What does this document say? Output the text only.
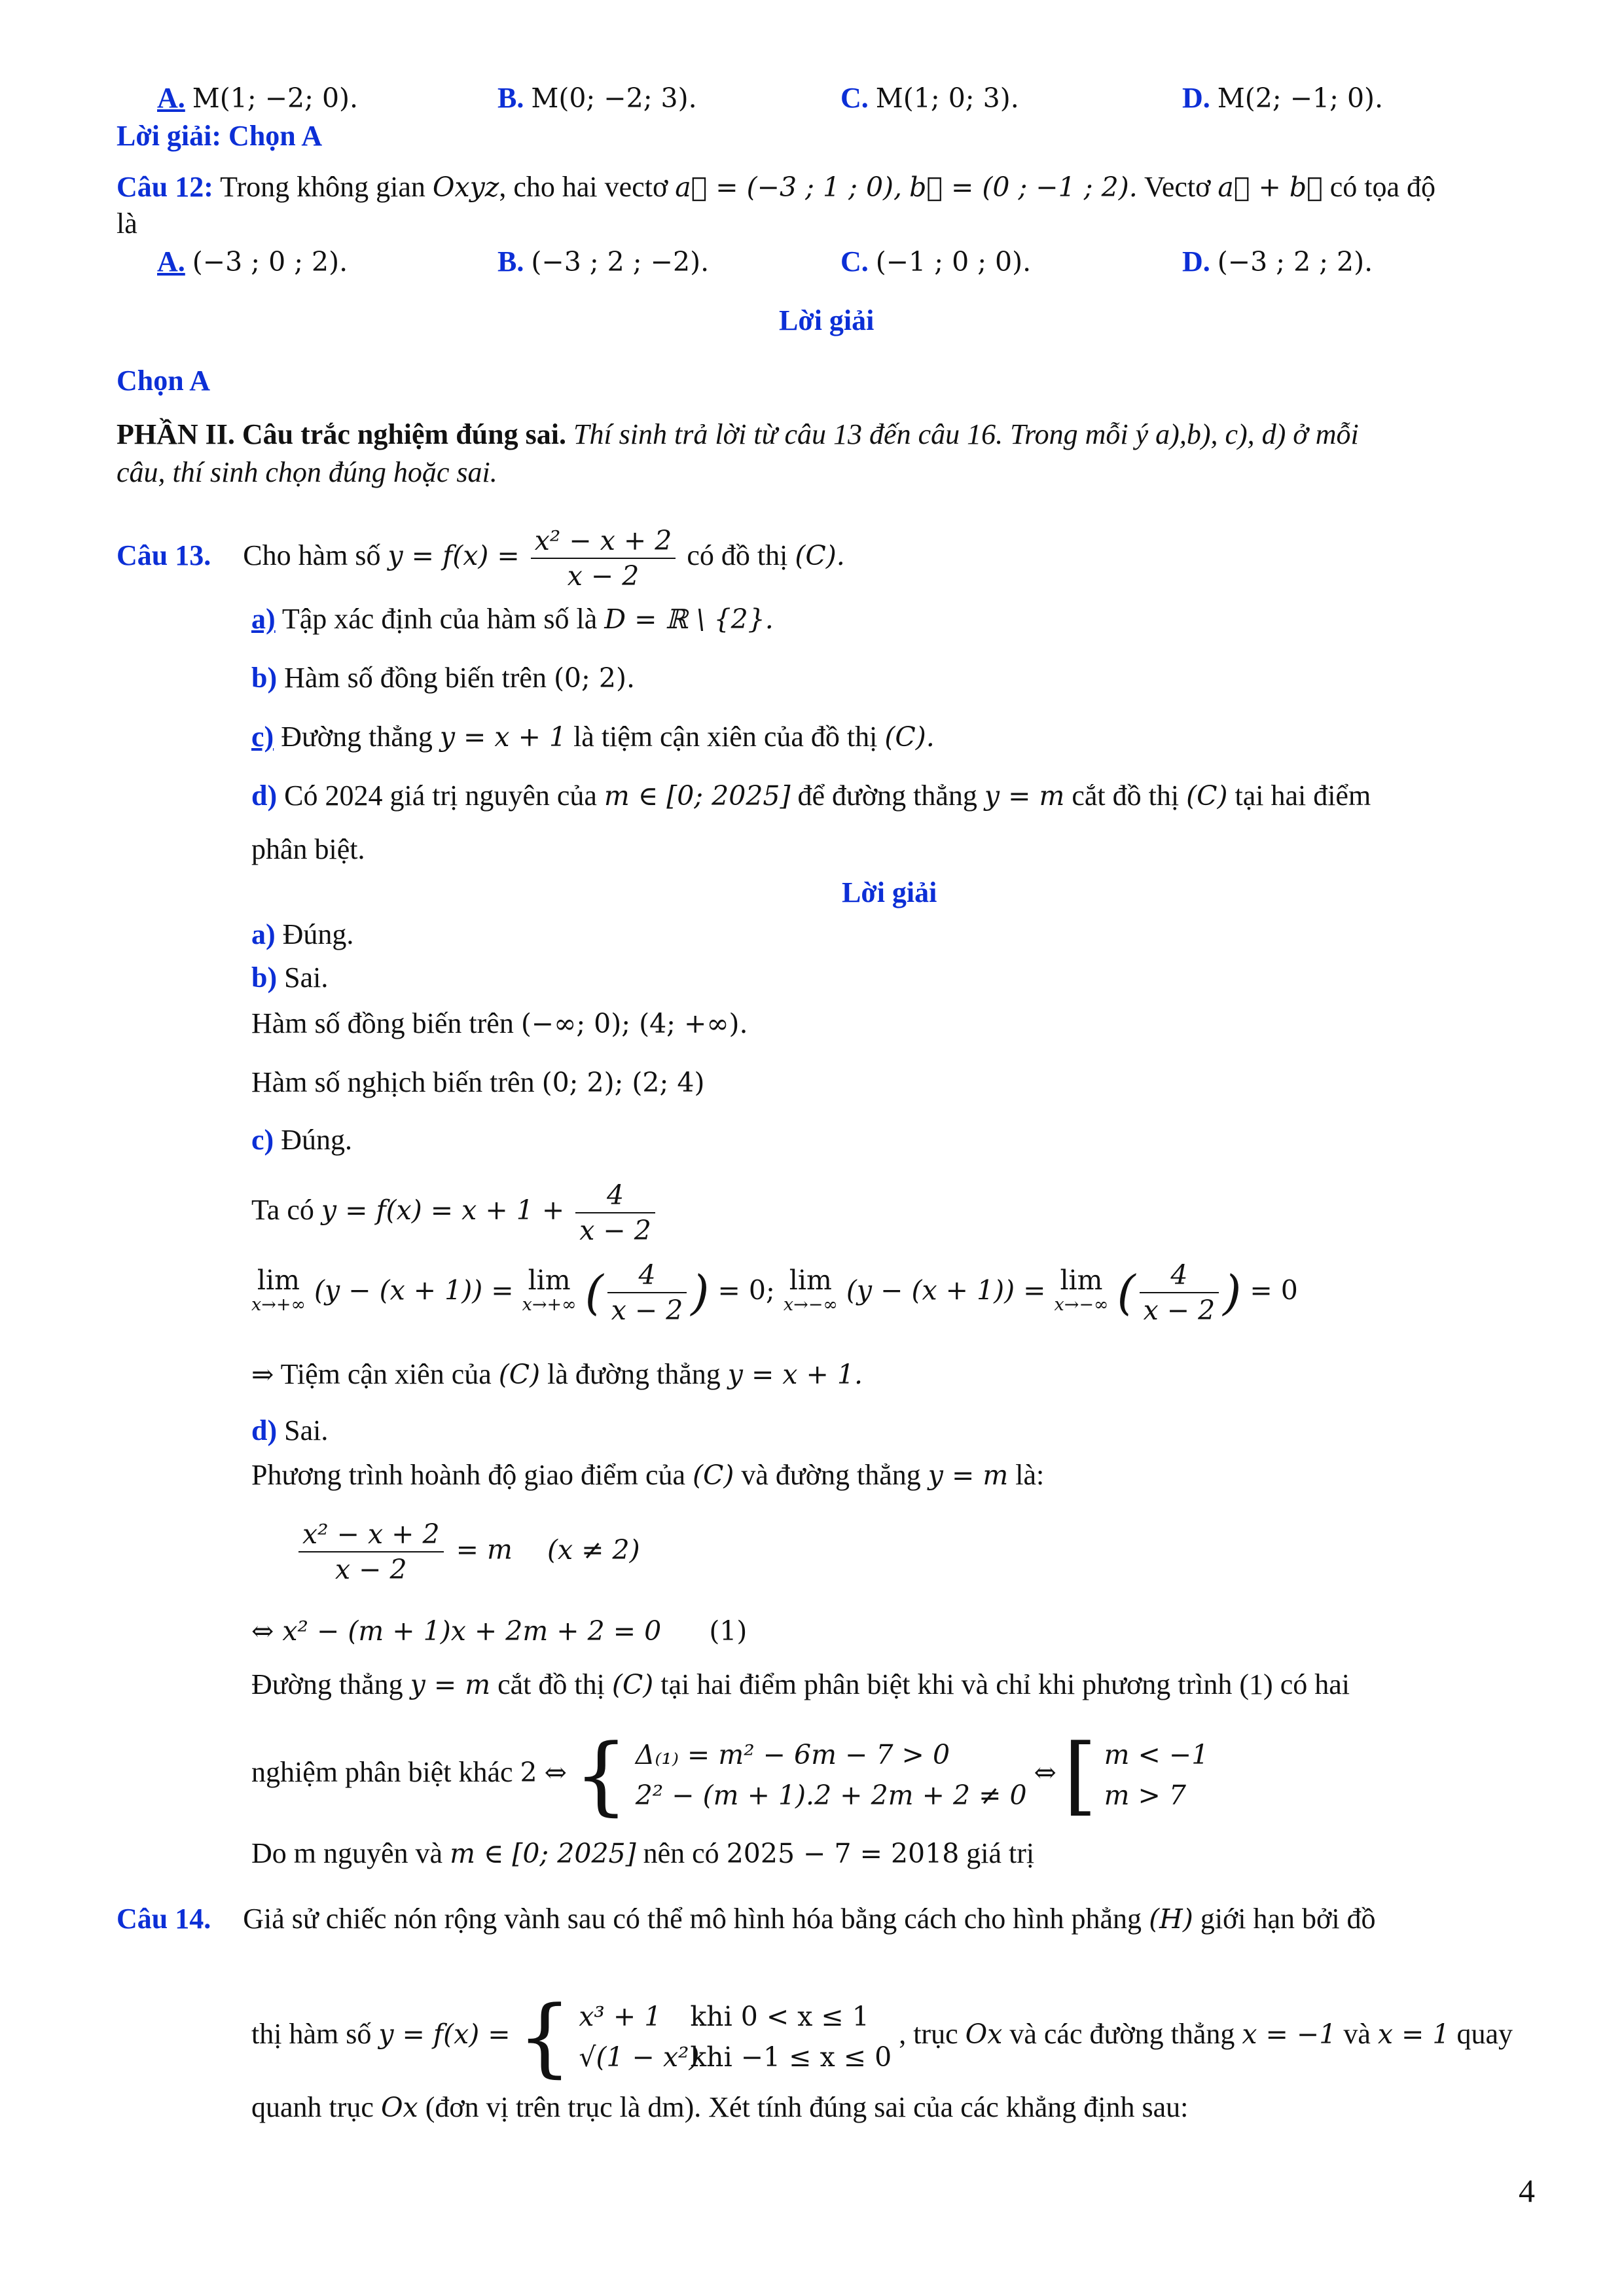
A. M(1; −2; 0).	B. M(0; −2; 3).	C. M(1; 0; 3).	D. M(2; −1; 0).
Lời giải: Chọn A
Câu 12: Trong không gian Oxyz, cho hai vectơ a⃗ = (−3 ; 1 ; 0), b⃗ = (0 ; −1 ; 2). Vectơ a⃗ + b⃗ có tọa độ
là
A. (−3 ; 0 ; 2).	B. (−3 ; 2 ; −2).	C. (−1 ; 0 ; 0).	D. (−3 ; 2 ; 2).
Lời giải
Chọn A
PHẦN II. Câu trắc nghiệm đúng sai. Thí sinh trả lời từ câu 13 đến câu 16. Trong mỗi ý a),b), c), d) ở mỗi
câu, thí sinh chọn đúng hoặc sai.
Câu 13. Cho hàm số $y = f(x) = \frac{\text{x² − x + 2}}{x - 2}$ có đồ thị (C).
a) Tập xác định của hàm số là D = ℝ \ {2}.
b) Hàm số đồng biến trên (0; 2).
c) Đường thẳng y = x + 1 là tiệm cận xiên của đồ thị (C).
d) Có 2024 giá trị nguyên của m ∈ [0; 2025] để đường thẳng y = m cắt đồ thị (C) tại hai điểm
phân biệt.
Lời giải
a) Đúng.
b) Sai.
Hàm số đồng biến trên (−∞; 0); (4; +∞).
Hàm số nghịch biến trên (0; 2); (2; 4)
c) Đúng.
Ta có $y = f(x) = x + 1 + \frac{4}{x - 2}$
lim
x→+∞ (y − (x + 1)) = lim
x→+∞ ( $\frac{4}{x - 2}$ ) = 0; lim
x→−∞ (y − (x + 1)) = lim
x→−∞ ( $\frac{4}{x - 2}$ ) = 0
⇒ Tiệm cận xiên của (C) là đường thẳng y = x + 1.
d) Sai.
Phương trình hoành độ giao điểm của (C) và đường thẳng y = m là:
$\frac{\text{x² − x + 2}}{x - 2} = m$ (x ≠ 2)
⇔ x² − (m + 1)x + 2m + 2 = 0 (1)
Đường thẳng y = m cắt đồ thị (C) tại hai điểm phân biệt khi và chỉ khi phương trình (1) có hai
nghiệm phân biệt khác 2 ⇔ { Δ₍₁₎ = m² − 6m − 7 > 0
2² − (m + 1).2 + 2m + 2 ≠ 0
⇔ [ m < −1
m > 7
Do m nguyên và m ∈ [0; 2025] nên có 2025 − 7 = 2018 giá trị
Câu 14. Giả sử chiếc nón rộng vành sau có thể mô hình hóa bằng cách cho hình phẳng (H) giới hạn bởi đồ
thị hàm số y = f(x) = { x³ + 1 khi 0 < x ≤ 1
√(1 − x²)khi −1 ≤ x ≤ 0
, trục Ox và các đường thẳng x = −1 và x = 1 quay
quanh trục Ox (đơn vị trên trục là dm). Xét tính đúng sai của các khẳng định sau:
4
